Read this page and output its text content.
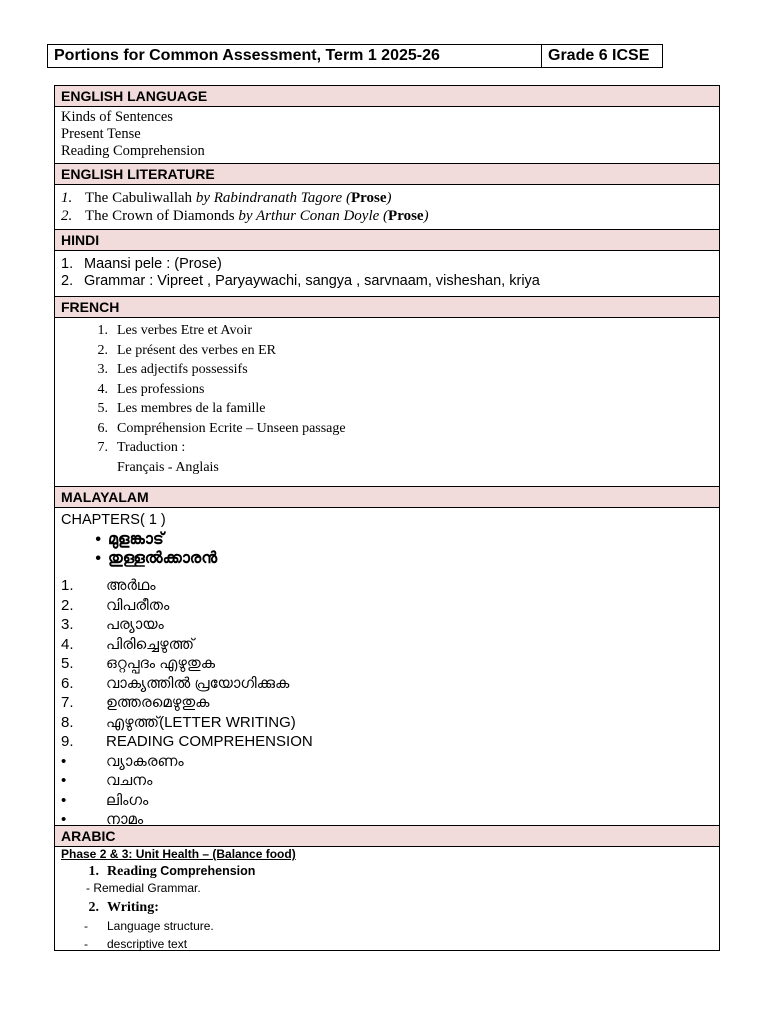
Portions for Common Assessment, Term 1 2025-26	Grade 6 ICSE
ENGLISH LANGUAGE
Kinds of Sentences
Present Tense
Reading Comprehension
ENGLISH LITERATURE
1. The Cabuliwallah by Rabindranath Tagore (Prose)
2. The Crown of Diamonds by Arthur Conan Doyle (Prose)
HINDI
1. Maansi pele : (Prose)
2. Grammar : Vipreet , Paryaywachi, sangya , sarvnaam, visheshan, kriya
FRENCH
1. Les verbes Etre et Avoir
2. Le présent des verbes en ER
3. Les adjectifs possessifs
4. Les professions
5. Les membres de la famille
6. Compréhension Ecrite – Unseen passage
7. Traduction :
Français - Anglais
MALAYALAM
CHAPTERS( 1 )
• മുളങ്കാട്
• തുള്ളൽക്കാരൻ
1. അർഥം
2. വിപരീതം
3. പര്യായം
4. പിരിച്ചെഴുത്ത്
5. ഒറ്റപ്പദം എഴുതുക
6. വാക്യത്തിൽ പ്രയോഗിക്കുക
7. ഉത്തരമെഴുതുക
8. എഴുത്ത്(LETTER WRITING)
9. READING COMPREHENSION
•	വ്യാകരണം
•	വചനം
•	ലിംഗം
•	നാമം
ARABIC
Phase 2 & 3: Unit Health – (Balance food)
1. Reading Comprehension
- Remedial Grammar.
2. Writing:
- Language structure.
- descriptive text
